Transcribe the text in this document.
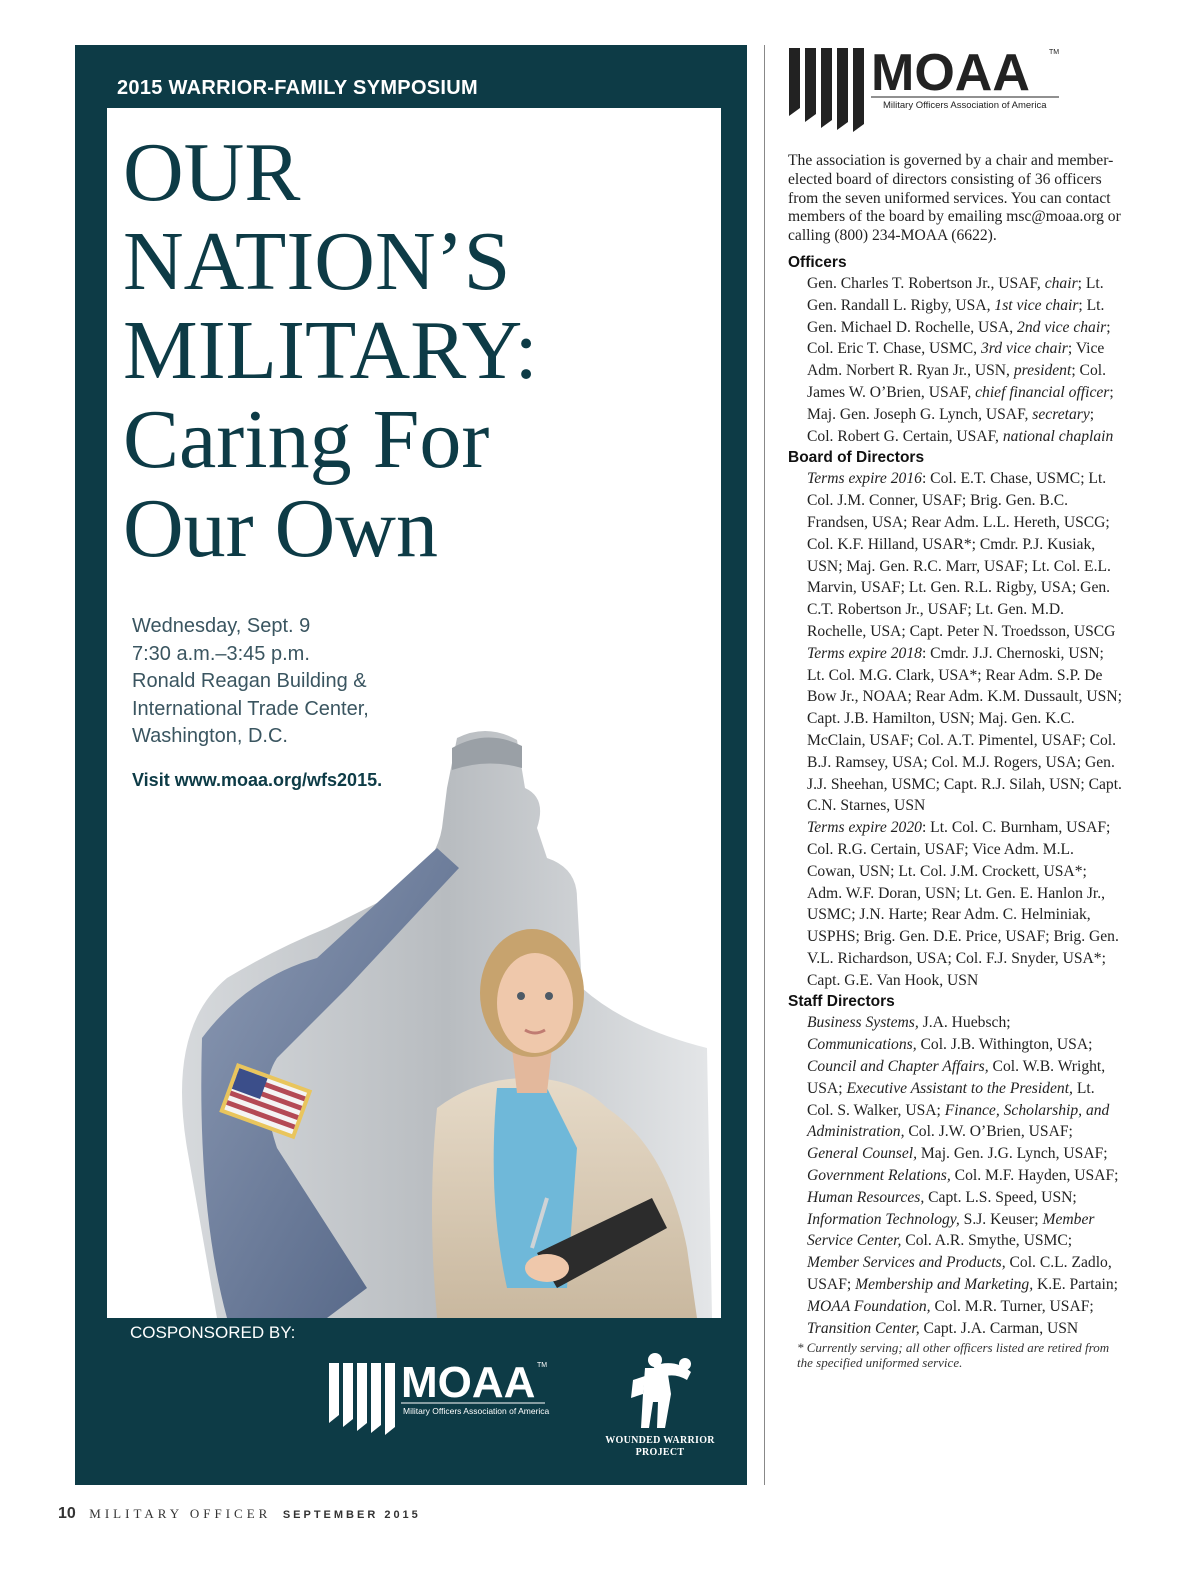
2015 WARRIOR-FAMILY SYMPOSIUM
OUR
NATION’S
MILITARY:
Caring For
Our Own
Wednesday, Sept. 9
7:30 a.m.–3:45 p.m.
Ronald Reagan Building &
International Trade Center,
Washington, D.C.
Visit www.moaa.org/wfs2015.
COSPONSORED BY:
MOAA TM
Military Officers Association of America
WOUNDED WARRIOR
PROJECT
MOAA	TM
Military Officers Association of America

The association is governed by a chair and member-elected board of directors consisting of 36 officers from the seven uniformed services. You can contact members of the board by emailing msc@moaa.org or calling (800) 234-MOAA (6622).

Officers
Gen. Charles T. Robertson Jr., USAF, chair; Lt. Gen. Randall L. Rigby, USA, 1st vice chair; Lt. Gen. Michael D. Rochelle, USA, 2nd vice chair; Col. Eric T. Chase, USMC, 3rd vice chair; Vice Adm. Norbert R. Ryan Jr., USN, president; Col. James W. O’Brien, USAF, chief financial officer; Maj. Gen. Joseph G. Lynch, USAF, secretary; Col. Robert G. Certain, USAF, national chaplain
Board of Directors
Terms expire 2016: Col. E.T. Chase, USMC; Lt. Col. J.M. Conner, USAF; Brig. Gen. B.C. Frandsen, USA; Rear Adm. L.L. Hereth, USCG; Col. K.F. Hilland, USAR*; Cmdr. P.J. Kusiak, USN; Maj. Gen. R.C. Marr, USAF; Lt. Col. E.L. Marvin, USAF; Lt. Gen. R.L. Rigby, USA; Gen. C.T. Robertson Jr., USAF; Lt. Gen. M.D. Rochelle, USA; Capt. Peter N. Troedsson, USCG
Terms expire 2018: Cmdr. J.J. Chernoski, USN; Lt. Col. M.G. Clark, USA*; Rear Adm. S.P. De Bow Jr., NOAA; Rear Adm. K.M. Dussault, USN; Capt. J.B. Hamilton, USN; Maj. Gen. K.C. McClain, USAF; Col. A.T. Pimentel, USAF; Col. B.J. Ramsey, USA; Col. M.J. Rogers, USA; Gen. J.J. Sheehan, USMC; Capt. R.J. Silah, USN; Capt. C.N. Starnes, USN
Terms expire 2020: Lt. Col. C. Burnham, USAF; Col. R.G. Certain, USAF; Vice Adm. M.L. Cowan, USN; Lt. Col. J.M. Crockett, USA*; Adm. W.F. Doran, USN; Lt. Gen. E. Hanlon Jr., USMC; J.N. Harte; Rear Adm. C. Helminiak, USPHS; Brig. Gen. D.E. Price, USAF; Brig. Gen. V.L. Richardson, USA; Col. F.J. Snyder, USA*; Capt. G.E. Van Hook, USN
Staff Directors
Business Systems, J.A. Huebsch; Communications, Col. J.B. Withington, USA; Council and Chapter Affairs, Col. W.B. Wright, USA; Executive Assistant to the President, Lt. Col. S. Walker, USA; Finance, Scholarship, and Administration, Col. J.W. O’Brien, USAF; General Counsel, Maj. Gen. J.G. Lynch, USAF; Government Relations, Col. M.F. Hayden, USAF; Human Resources, Capt. L.S. Speed, USN; Information Technology, S.J. Keuser; Member Service Center, Col. A.R. Smythe, USMC; Member Services and Products, Col. C.L. Zadlo, USAF; Membership and Marketing, K.E. Partain; MOAA Foundation, Col. M.R. Turner, USAF; Transition Center, Capt. J.A. Carman, USN
* Currently serving; all other officers listed are retired from the specified uniformed service.
10 MILITARY OFFICER SEPTEMBER 2015
